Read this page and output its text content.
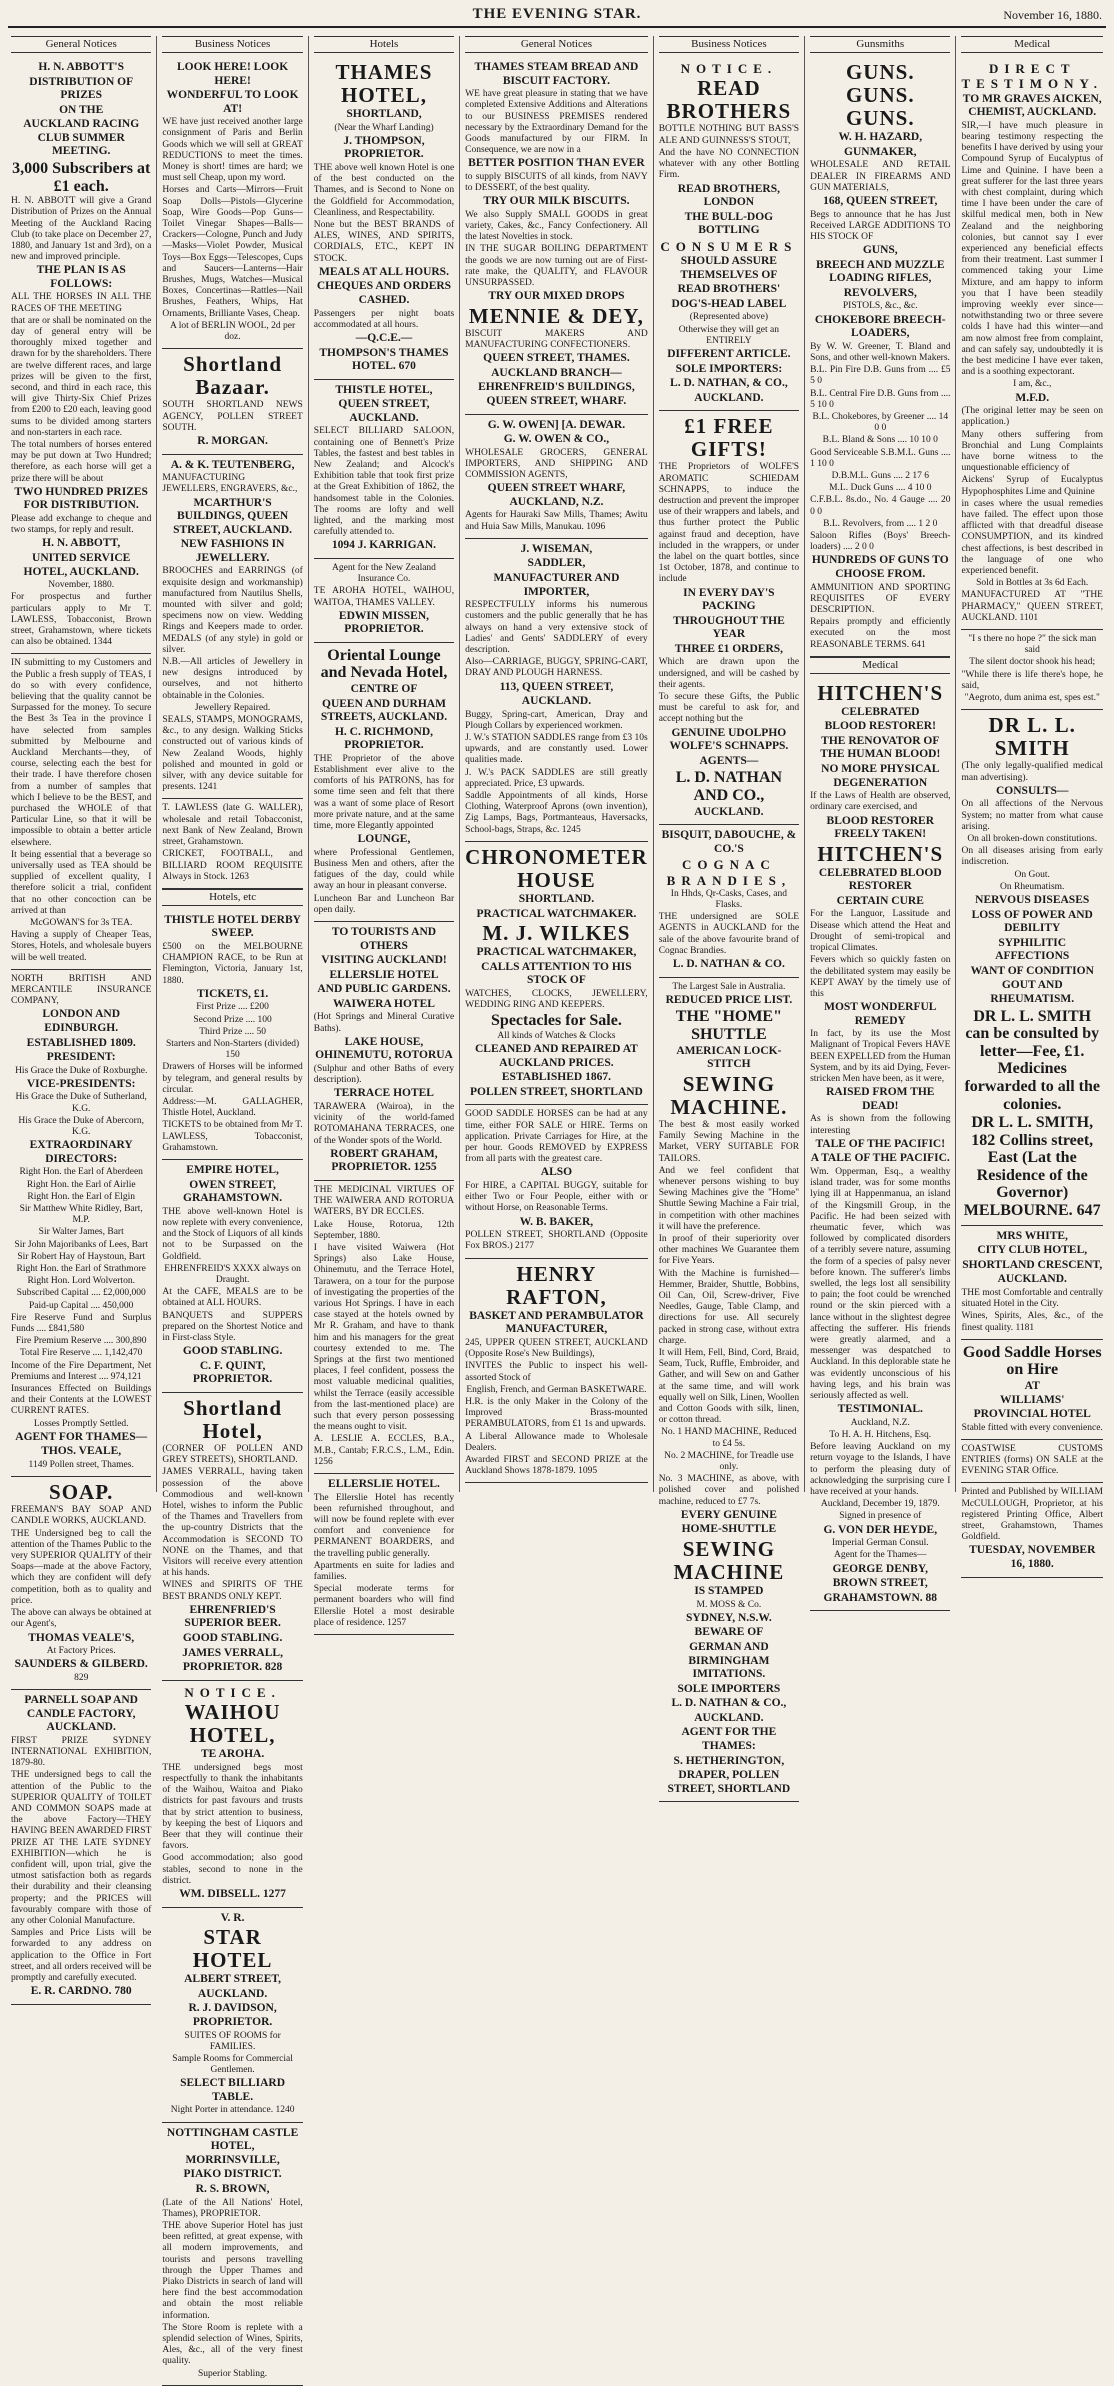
THE EVENING STAR.	November 16, 1880.
General Notices

H. N. ABBOTT'S

DISTRIBUTION OF PRIZES

ON THE

AUCKLAND RACING CLUB SUMMER MEETING.

3,000 Subscribers at £1 each.

H. N. ABBOTT will give a Grand Distribution of Prizes on the Annual Meeting of the Auckland Racing Club (to take place on December 27, 1880, and January 1st and 3rd), on a new and improved principle.

THE PLAN IS AS FOLLOWS:

ALL THE HORSES IN ALL THE RACES OF THE MEETING

that are or shall be nominated on the day of general entry will be thoroughly mixed together and drawn for by the shareholders. There are twelve different races, and large prizes will be given to the first, second, and third in each race, this will give Thirty-Six Chief Prizes from £200 to £20 each, leaving good sums to be divided among starters and non-starters in each race.

The total numbers of horses entered may be put down at Two Hundred; therefore, as each horse will get a prize there will be about

TWO HUNDRED PRIZES FOR DISTRIBUTION.

Please add exchange to cheque and two stamps, for reply and result.

H. N. ABBOTT,

UNITED SERVICE HOTEL, AUCKLAND.

November, 1880.

For prospectus and further particulars apply to Mr T. LAWLESS, Tobacconist, Brown street, Grahamstown, where tickets can also be obtained. 1344

IN submitting to my Customers and the Public a fresh supply of TEAS, I do so with every confidence, believing that the quality cannot be Surpassed for the money. To secure the Best 3s Tea in the province I have selected from samples submitted by Melbourne and Auckland Merchants—they, of course, selecting each the best for their trade. I have therefore chosen from a number of samples that which I believe to be the BEST, and purchased the WHOLE of that Particular Line, so that it will be impossible to obtain a better article elsewhere.

It being essential that a beverage so universally used as TEA should be supplied of excellent quality, I therefore solicit a trial, confident that no other concoction can be arrived at than

McGOWAN'S for 3s TEA.

Having a supply of Cheaper Teas, Stores, Hotels, and wholesale buyers will be well treated.

NORTH BRITISH AND MERCANTILE INSURANCE COMPANY,

LONDON AND EDINBURGH.

ESTABLISHED 1809.

PRESIDENT:

His Grace the Duke of Roxburghe.

VICE-PRESIDENTS:

His Grace the Duke of Sutherland, K.G.

His Grace the Duke of Abercorn, K.G.

EXTRAORDINARY DIRECTORS:

Right Hon. the Earl of Aberdeen

Right Hon. the Earl of Airlie

Right Hon. the Earl of Elgin

Sir Matthew White Ridley, Bart, M.P.

Sir Walter James, Bart

Sir John Majoribanks of Lees, Bart

Sir Robert Hay of Haystoun, Bart

Right Hon. the Earl of Strathmore

Right Hon. Lord Wolverton.

Subscribed Capital .... £2,000,000

Paid-up Capital .... 450,000

Fire Reserve Fund and Surplus Funds .... £841,580

Fire Premium Reserve .... 300,890

Total Fire Reserve .... 1,142,470

Income of the Fire Department, Net Premiums and Interest .... 974,121

Insurances Effected on Buildings and their Contents at the LOWEST CURRENT RATES.

Losses Promptly Settled.

AGENT FOR THAMES—

THOS. VEALE,

1149 Pollen street, Thames.

SOAP.

FREEMAN'S BAY SOAP AND CANDLE WORKS, AUCKLAND.

THE Undersigned beg to call the attention of the Thames Public to the very SUPERIOR QUALITY of their Soaps—made at the above Factory, which they are confident will defy competition, both as to quality and price.

The above can always be obtained at our Agent's,

THOMAS VEALE'S,

At Factory Prices.

SAUNDERS & GILBERD.

829

PARNELL SOAP AND CANDLE FACTORY, AUCKLAND.

FIRST PRIZE SYDNEY INTERNATIONAL EXHIBITION, 1879-80.

THE undersigned begs to call the attention of the Public to the SUPERIOR QUALITY of TOILET AND COMMON SOAPS made at the above Factory—THEY HAVING BEEN AWARDED FIRST PRIZE AT THE LATE SYDNEY EXHIBITION—which he is confident will, upon trial, give the utmost satisfaction both as regards their durability and their cleansing property; and the PRICES will favourably compare with those of any other Colonial Manufacture.

Samples and Price Lists will be forwarded to any address on application to the Office in Fort street, and all orders received will be promptly and carefully executed.

E. R. CARDNO. 780

Business Notices

LOOK HERE! LOOK HERE!

WONDERFUL TO LOOK AT!

WE have just received another large consignment of Paris and Berlin Goods which we will sell at GREAT REDUCTIONS to meet the times. Money is short! times are hard; we must sell Cheap, upon my word.

Horses and Carts—Mirrors—Fruit Soap Dolls—Pistols—Glycerine Soap, Wire Goods—Pop Guns—Toilet Vinegar Shapes—Balls—Crackers—Cologne, Punch and Judy—Masks—Violet Powder, Musical Toys—Box Eggs—Telescopes, Cups and Saucers—Lanterns—Hair Brushes, Mugs, Watches—Musical Boxes, Concertinas—Rattles—Nail Brushes, Feathers, Whips, Hat Ornaments, Brilliante Vases, Cheap.

A lot of BERLIN WOOL, 2d per doz.

Shortland Bazaar.

SOUTH SHORTLAND NEWS AGENCY, POLLEN STREET SOUTH.

R. MORGAN.

A. & K. TEUTENBERG,

MANUFACTURING JEWELLERS, ENGRAVERS, &c.,

MCARTHUR'S BUILDINGS, QUEEN STREET, AUCKLAND.

NEW FASHIONS IN JEWELLERY.

BROOCHES and EARRINGS (of exquisite design and workmanship) manufactured from Nautilus Shells, mounted with silver and gold; specimens now on view. Wedding Rings and Keepers made to order. MEDALS (of any style) in gold or silver.

N.B.—All articles of Jewellery in new designs introduced by ourselves, and not hitherto obtainable in the Colonies.

Jewellery Repaired.

SEALS, STAMPS, MONOGRAMS, &c., to any design. Walking Sticks constructed out of various kinds of New Zealand Woods, highly polished and mounted in gold or silver, with any device suitable for presents. 1241

T. LAWLESS (late G. WALLER), wholesale and retail Tobacconist, next Bank of New Zealand, Brown street, Grahamstown.

CRICKET, FOOTBALL, and BILLIARD ROOM REQUISITE Always in Stock. 1263

Hotels, etc

THISTLE HOTEL DERBY SWEEP.

£500 on the MELBOURNE CHAMPION RACE, to be Run at Flemington, Victoria, January 1st, 1880.

TICKETS, £1.

First Prize .... £200

Second Prize .... 100

Third Prize .... 50

Starters and Non-Starters (divided) 150

Drawers of Horses will be informed by telegram, and general results by circular.

Address:—M. GALLAGHER, Thistle Hotel, Auckland.

TICKETS to be obtained from Mr T. LAWLESS, Tobacconist, Grahamstown.

EMPIRE HOTEL,

OWEN STREET, GRAHAMSTOWN.

THE above well-known Hotel is now replete with every convenience, and the Stock of Liquors of all kinds not to be Surpassed on the Goldfield.

EHRENFREID'S XXXX always on Draught.

At the CAFE, MEALS are to be obtained at ALL HOURS.

BANQUETS and SUPPERS prepared on the Shortest Notice and in First-class Style.

GOOD STABLING.

C. F. QUINT, PROPRIETOR.

Shortland Hotel,

(CORNER OF POLLEN AND GREY STREETS), SHORTLAND.

JAMES VERRALL, having taken possession of the above Commodious and well-known Hotel, wishes to inform the Public of the Thames and Travellers from the up-country Districts that the Accommodation is SECOND TO NONE on the Thames, and that Visitors will receive every attention at his hands.

WINES and SPIRITS OF THE BEST BRANDS ONLY KEPT.

EHRENFRIED'S SUPERIOR BEER.

GOOD STABLING.

JAMES VERRALL,

PROPRIETOR. 828

NOTICE.

WAIHOU HOTEL,

TE AROHA.

THE undersigned begs most respectfully to thank the inhabitants of the Waihou, Waitoa and Piako districts for past favours and trusts that by strict attention to business, by keeping the best of Liquors and Beer that they will continue their favors.

Good accommodation; also good stables, second to none in the district.

WM. DIBSELL. 1277

V. R.

STAR HOTEL

ALBERT STREET,

AUCKLAND.

R. J. DAVIDSON, PROPRIETOR.

SUITES OF ROOMS for FAMILIES.

Sample Rooms for Commercial Gentlemen.

SELECT BILLIARD TABLE.

Night Porter in attendance. 1240

NOTTINGHAM CASTLE HOTEL, MORRINSVILLE,

PIAKO DISTRICT.

R. S. BROWN,

(Late of the All Nations' Hotel, Thames), PROPRIETOR.

THE above Superior Hotel has just been refitted, at great expense, with all modern improvements, and tourists and persons travelling through the Upper Thames and Piako Districts in search of land will here find the best accommodation and obtain the most reliable information.

The Store Room is replete with a splendid selection of Wines, Spirits, Ales, &c., all of the very finest quality.

Superior Stabling.

Hotels

THAMES HOTEL,

SHORTLAND,

(Near the Wharf Landing)

J. THOMPSON, PROPRIETOR.

THE above well known Hotel is one of the best conducted on the Thames, and is Second to None on the Goldfield for Accommodation, Cleanliness, and Respectability.

None but the BEST BRANDS of ALES, WINES, AND SPIRITS, CORDIALS, ETC., KEPT IN STOCK.

MEALS AT ALL HOURS.

CHEQUES AND ORDERS CASHED.

Passengers per night boats accommodated at all hours.

—Q.C.E.—

THOMPSON'S THAMES HOTEL. 670

THISTLE HOTEL,

QUEEN STREET, AUCKLAND.

SELECT BILLIARD SALOON, containing one of Bennett's Prize Tables, the fastest and best tables in New Zealand; and Alcock's Exhibition table that took first prize at the Great Exhibition of 1862, the handsomest table in the Colonies. The rooms are lofty and well lighted, and the marking most carefully attended to.

1094 J. KARRIGAN.

Agent for the New Zealand Insurance Co.

TE AROHA HOTEL, WAIHOU, WAITOA, THAMES VALLEY.

EDWIN MISSEN, PROPRIETOR.

Oriental Lounge and Nevada Hotel,

CENTRE OF

QUEEN AND DURHAM STREETS, AUCKLAND.

H. C. RICHMOND, PROPRIETOR.

THE Proprietor of the above Establishment ever alive to the comforts of his PATRONS, has for some time seen and felt that there was a want of some place of Resort more private nature, and at the same time, more Elegantly appointed

LOUNGE,

where Professional Gentlemen, Business Men and others, after the fatigues of the day, could while away an hour in pleasant converse.

Luncheon Bar and Luncheon Bar open daily.

TO TOURISTS AND OTHERS

VISITING AUCKLAND!

ELLERSLIE HOTEL

AND PUBLIC GARDENS.

WAIWERA HOTEL

(Hot Springs and Mineral Curative Baths).

LAKE HOUSE, OHINEMUTU, ROTORUA

(Sulphur and other Baths of every description).

TERRACE HOTEL

TARAWERA (Wairoa), in the vicinity of the world-famed ROTOMAHANA TERRACES, one of the Wonder spots of the World.

ROBERT GRAHAM, PROPRIETOR. 1255

THE MEDICINAL VIRTUES OF THE WAIWERA AND ROTORUA WATERS, BY DR ECCLES.

Lake House, Rotorua, 12th September, 1880.

I have visited Waiwera (Hot Springs) also Lake House, Ohinemutu, and the Terrace Hotel, Tarawera, on a tour for the purpose of investigating the properties of the various Hot Springs. I have in each case stayed at the hotels owned by Mr R. Graham, and have to thank him and his managers for the great courtesy extended to me. The Springs at the first two mentioned places, I feel confident, possess the most valuable medicinal qualities, whilst the Terrace (easily accessible from the last-mentioned place) are such that every person possessing the means ought to visit.

A. LESLIE A. ECCLES, B.A., M.B., Cantab; F.R.C.S., L.M., Edin. 1256

ELLERSLIE HOTEL.

The Ellerslie Hotel has recently been refurnished throughout, and will now be found replete with ever comfort and convenience for PERMANENT BOARDERS, and the travelling public generally.

Apartments en suite for ladies and families.

Special moderate terms for permanent boarders who will find Ellerslie Hotel a most desirable place of residence. 1257

General Notices

THAMES STEAM BREAD AND BISCUIT FACTORY.

WE have great pleasure in stating that we have completed Extensive Additions and Alterations to our BUSINESS PREMISES rendered necessary by the Extraordinary Demand for the Goods manufactured by our FIRM. In Consequence, we are now in a

BETTER POSITION THAN EVER

to supply BISCUITS of all kinds, from NAVY to DESSERT, of the best quality.

TRY OUR MILK BISCUITS.

We also Supply SMALL GOODS in great variety, Cakes, &c., Fancy Confectionery. All the latest Novelties in stock.

IN THE SUGAR BOILING DEPARTMENT the goods we are now turning out are of First-rate make, the QUALITY, and FLAVOUR UNSURPASSED.

TRY OUR MIXED DROPS

MENNIE & DEY,

BISCUIT MAKERS AND MANUFACTURING CONFECTIONERS.

QUEEN STREET, THAMES.

AUCKLAND BRANCH—

EHRENFREID'S BUILDINGS, QUEEN STREET, WHARF.

G. W. OWEN] [A. DEWAR.

G. W. OWEN & CO.,

WHOLESALE GROCERS, GENERAL IMPORTERS, AND SHIPPING AND COMMISSION AGENTS,

QUEEN STREET WHARF, AUCKLAND, N.Z.

Agents for Hauraki Saw Mills, Thames; Awitu and Huia Saw Mills, Manukau. 1096

J. WISEMAN,

SADDLER,

MANUFACTURER AND IMPORTER,

RESPECTFULLY informs his numerous customers and the public generally that he has always on hand a very extensive stock of Ladies' and Gents' SADDLERY of every description.

Also—CARRIAGE, BUGGY, SPRING-CART, DRAY AND PLOUGH HARNESS.

113, QUEEN STREET,

AUCKLAND.

Buggy, Spring-cart, American, Dray and Plough Collars by experienced workmen.

J. W.'s STATION SADDLES range from £3 10s upwards, and are constantly used. Lower qualities made.

J. W.'s PACK SADDLES are still greatly appreciated. Price, £3 upwards.

Saddle Appointments of all kinds, Horse Clothing, Waterproof Aprons (own invention), Zig Lamps, Bags, Portmanteaus, Haversacks, School-bags, Straps, &c. 1245

CHRONOMETER HOUSE

SHORTLAND.

PRACTICAL WATCHMAKER.

M. J. WILKES

PRACTICAL WATCHMAKER,

CALLS ATTENTION TO HIS STOCK OF

WATCHES, CLOCKS, JEWELLERY, WEDDING RING AND KEEPERS.

Spectacles for Sale.

All kinds of Watches & Clocks

CLEANED AND REPAIRED AT AUCKLAND PRICES.

ESTABLISHED 1867.

POLLEN STREET, SHORTLAND

GOOD SADDLE HORSES can be had at any time, either FOR SALE or HIRE. Terms on application. Private Carriages for Hire, at the per hour. Goods REMOVED by EXPRESS from all parts with the greatest care.

ALSO

For HIRE, a CAPITAL BUGGY, suitable for either Two or Four People, either with or without Horse, on Reasonable Terms.

W. B. BAKER,

POLLEN STREET, SHORTLAND (Opposite Fox BROS.) 2177

HENRY RAFTON,

BASKET AND PERAMBULATOR MANUFACTURER,

245, UPPER QUEEN STREET, AUCKLAND (Opposite Rose's New Buildings),

INVITES the Public to inspect his well-assorted Stock of

English, French, and German BASKETWARE.

H.R. is the only Maker in the Colony of the Improved Brass-mounted PERAMBULATORS, from £1 1s and upwards.

A Liberal Allowance made to Wholesale Dealers.

Awarded FIRST and SECOND PRIZE at the Auckland Shows 1878-1879. 1095

Business Notices

NOTICE.

READ BROTHERS

BOTTLE NOTHING BUT BASS'S ALE AND GUINNESS'S STOUT,

And the have NO CONNECTION whatever with any other Bottling Firm.

READ BROTHERS, LONDON

THE BULL-DOG BOTTLING

CONSUMERS

SHOULD ASSURE THEMSELVES OF

READ BROTHERS'

DOG'S-HEAD LABEL

(Represented above)

Otherwise they will get an ENTIRELY

DIFFERENT ARTICLE.

SOLE IMPORTERS:

L. D. NATHAN, & CO.,

AUCKLAND.

£1 FREE GIFTS!

THE Proprietors of WOLFE'S AROMATIC SCHIEDAM SCHNAPPS, to induce the destruction and prevent the improper use of their wrappers and labels, and thus further protect the Public against fraud and deception, have included in the wrappers, or under the label on the quart bottles, since 1st October, 1878, and continue to include

IN EVERY DAY'S PACKING

THROUGHOUT THE YEAR

THREE £1 ORDERS,

Which are drawn upon the undersigned, and will be cashed by their agents.

To secure these Gifts, the Public must be careful to ask for, and accept nothing but the

GENUINE UDOLPHO WOLFE'S SCHNAPPS.

AGENTS—

L. D. NATHAN AND CO.,

AUCKLAND.

BISQUIT, DABOUCHE, & CO.'S

COGNAC BRANDIES,

In Hhds, Qr-Casks, Cases, and Flasks.

THE undersigned are SOLE AGENTS in AUCKLAND for the sale of the above favourite brand of Cognac Brandies.

L. D. NATHAN & CO.

The Largest Sale in Australia.

REDUCED PRICE LIST.

THE "HOME" SHUTTLE

AMERICAN LOCK-STITCH

SEWING MACHINE.

The best & most easily worked Family Sewing Machine in the Market, VERY SUITABLE FOR TAILORS.

And we feel confident that whenever persons wishing to buy Sewing Machines give the "Home" Shuttle Sewing Machine a Fair trial, in competition with other machines it will have the preference.

In proof of their superiority over other machines We Guarantee them for Five Years.

With the Machine is furnished—Hemmer, Braider, Shuttle, Bobbins, Oil Can, Oil, Screw-driver, Five Needles, Gauge, Table Clamp, and directions for use. All securely packed in strong case, without extra charge.

It will Hem, Fell, Bind, Cord, Braid, Seam, Tuck, Ruffle, Embroider, and Gather, and will Sew on and Gather at the same time, and will work equally well on Silk, Linen, Woollen and Cotton Goods with silk, linen, or cotton thread.

No. 1 HAND MACHINE, Reduced to £4 5s.

No. 2 MACHINE, for Treadle use only.

No. 3 MACHINE, as above, with polished cover and polished machine, reduced to £7 7s.

EVERY GENUINE

HOME-SHUTTLE

SEWING MACHINE

IS STAMPED

M. MOSS & Co.

SYDNEY, N.S.W.

BEWARE OF

GERMAN AND BIRMINGHAM IMITATIONS.

SOLE IMPORTERS

L. D. NATHAN & CO.,

AUCKLAND.

AGENT FOR THE THAMES:

S. HETHERINGTON,

DRAPER, POLLEN STREET, SHORTLAND

Gunsmiths

GUNS. GUNS. GUNS.

W. H. HAZARD,

GUNMAKER,

WHOLESALE AND RETAIL DEALER IN FIREARMS AND GUN MATERIALS,

168, QUEEN STREET,

Begs to announce that he has Just Received LARGE ADDITIONS TO HIS STOCK OF

GUNS,

BREECH AND MUZZLE LOADING RIFLES,

REVOLVERS,

PISTOLS, &c., &c.

CHOKEBORE BREECH-LOADERS,

By W. W. Greener, T. Bland and Sons, and other well-known Makers.

B.L. Pin Fire D.B. Guns from .... £5 5 0

B.L. Central Fire D.B. Guns from .... 5 10 0

B.L. Chokebores, by Greener .... 14 0 0

B.L. Bland & Sons .... 10 10 0

Good Serviceable S.B.M.L. Guns .... 1 10 0

D.B.M.L. Guns .... 2 17 6

M.L. Duck Guns .... 4 10 0

C.F.B.L. 8s.do., No. 4 Gauge .... 20 0 0

B.L. Revolvers, from .... 1 2 0

Saloon Rifles (Boys' Breech-loaders) .... 2 0 0

HUNDREDS OF GUNS TO CHOOSE FROM.

AMMUNITION AND SPORTING REQUISITES OF EVERY DESCRIPTION.

Repairs promptly and efficiently executed on the most REASONABLE TERMS. 641

Medical

HITCHEN'S

CELEBRATED

BLOOD RESTORER!

THE RENOVATOR OF THE HUMAN BLOOD!

NO MORE PHYSICAL DEGENERATION

If the Laws of Health are observed, ordinary care exercised, and

BLOOD RESTORER FREELY TAKEN!

HITCHEN'S

CELEBRATED BLOOD RESTORER

CERTAIN CURE

For the Languor, Lassitude and Disease which attend the Heat and Drought of semi-tropical and tropical Climates.

Fevers which so quickly fasten on the debilitated system may easily be KEPT AWAY by the timely use of this

MOST WONDERFUL REMEDY

In fact, by its use the Most Malignant of Tropical Fevers HAVE BEEN EXPELLED from the Human System, and by its aid Dying, Fever-stricken Men have been, as it were,

RAISED FROM THE DEAD!

As is shown from the following interesting

TALE OF THE PACIFIC!

A TALE OF THE PACIFIC.

Wm. Opperman, Esq., a wealthy island trader, was for some months lying ill at Happenmanua, an island of the Kingsmill Group, in the Pacific. He had been seized with rheumatic fever, which was followed by complicated disorders of a terribly severe nature, assuming the form of a species of palsy never before known. The sufferer's limbs swelled, the legs lost all sensibility to pain; the foot could be wrenched round or the skin pierced with a lance without in the slightest degree affecting the sufferer. His friends were greatly alarmed, and a messenger was despatched to Auckland. In this deplorable state he was evidently unconscious of his having legs, and his brain was seriously affected as well.

TESTIMONIAL.

Auckland, N.Z.

To H. A. H. Hitchens, Esq.

Before leaving Auckland on my return voyage to the Islands, I have to perform the pleasing duty of acknowledging the surprising cure I have received at your hands.

Auckland, December 19, 1879.

Signed in presence of

G. VON DER HEYDE,

Imperial German Consul.

Agent for the Thames—

GEORGE DENBY,

BROWN STREET,

GRAHAMSTOWN. 88

Medical

DIRECT TESTIMONY.

TO MR GRAVES AICKEN, CHEMIST, AUCKLAND.

SIR,—I have much pleasure in bearing testimony respecting the benefits I have derived by using your Compound Syrup of Eucalyptus of Lime and Quinine. I have been a great sufferer for the last three years with chest complaint, during which time I have been under the care of skilful medical men, both in New Zealand and the neighboring colonies, but cannot say I ever experienced any beneficial effects from their treatment. Last summer I commenced taking your Lime Mixture, and am happy to inform you that I have been steadily improving weekly ever since—notwithstanding two or three severe colds I have had this winter—and am now almost free from complaint, and can safely say, undoubtedly it is the best medicine I have ever taken, and is a soothing expectorant.

I am, &c.,

M.F.D.

(The original letter may be seen on application.)

Many others suffering from Bronchial and Lung Complaints have borne witness to the unquestionable efficiency of

Aickens' Syrup of Eucalyptus Hypophosphites Lime and Quinine

in cases where the usual remedies have failed. The effect upon those afflicted with that dreadful disease CONSUMPTION, and its kindred chest affections, is best described in the language of one who experienced benefit.

Sold in Bottles at 3s 6d Each.

MANUFACTURED AT "THE PHARMACY," QUEEN STREET, AUCKLAND. 1101

"I s there no hope ?" the sick man said

The silent doctor shook his head;

"While there is life there's hope, he said,

"Aegroto, dum anima est, spes est."

DR L. L. SMITH

(The only legally-qualified medical man advertising).

CONSULTS—

On all affections of the Nervous System; no matter from what cause arising.

On all broken-down constitutions.

On all diseases arising from early indiscretion.

On Gout.

On Rheumatism.

NERVOUS DISEASES

LOSS OF POWER AND DEBILITY

SYPHILITIC AFFECTIONS

WANT OF CONDITION

GOUT AND RHEUMATISM.

DR L. L. SMITH can be consulted by letter—Fee, £1. Medicines forwarded to all the colonies.

DR L. L. SMITH, 182 Collins street, East (Lat the Residence of the Governor) MELBOURNE. 647

MRS WHITE,

CITY CLUB HOTEL,

SHORTLAND CRESCENT,

AUCKLAND.

THE most Comfortable and centrally situated Hotel in the City.

Wines, Spirits, Ales, &c., of the finest quality. 1181

Good Saddle Horses on Hire

AT

WILLIAMS' PROVINCIAL HOTEL

Stable fitted with every convenience.

COASTWISE CUSTOMS ENTRIES (forms) ON SALE at the EVENING STAR Office.

Printed and Published by WILLIAM McCULLOUGH, Proprietor, at his registered Printing Office, Albert street, Grahamstown, Thames Goldfield.

TUESDAY, NOVEMBER 16, 1880.
